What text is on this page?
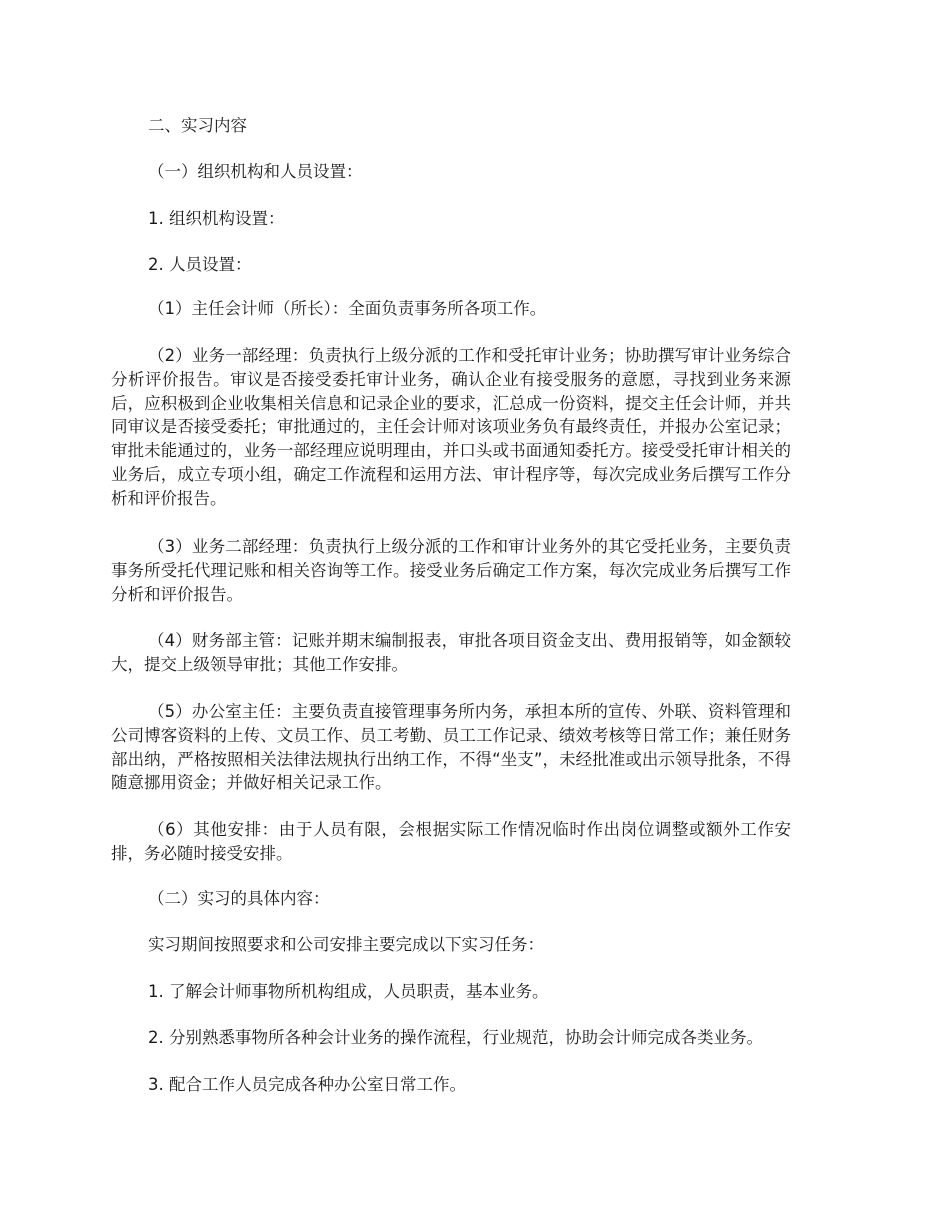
二、实习内容

（一）组织机构和人员设置：

1. 组织机构设置：

2. 人员设置：

（1）主任会计师（所长）：全面负责事务所各项工作。

（2）业务一部经理：负责执行上级分派的工作和受托审计业务；协助撰写审计业务综合分析评价报告。审议是否接受委托审计业务，确认企业有接受服务的意愿，寻找到业务来源后，应积极到企业收集相关信息和记录企业的要求，汇总成一份资料，提交主任会计师，并共同审议是否接受委托；审批通过的，主任会计师对该项业务负有最终责任，并报办公室记录；审批未能通过的，业务一部经理应说明理由，并口头或书面通知委托方。接受受托审计相关的业务后，成立专项小组，确定工作流程和运用方法、审计程序等，每次完成业务后撰写工作分析和评价报告。

（3）业务二部经理：负责执行上级分派的工作和审计业务外的其它受托业务，主要负责事务所受托代理记账和相关咨询等工作。接受业务后确定工作方案，每次完成业务后撰写工作分析和评价报告。

（4）财务部主管：记账并期末编制报表，审批各项目资金支出、费用报销等，如金额较大，提交上级领导审批；其他工作安排。

（5）办公室主任：主要负责直接管理事务所内务，承担本所的宣传、外联、资料管理和公司博客资料的上传、文员工作、员工考勤、员工工作记录、绩效考核等日常工作；兼任财务部出纳，严格按照相关法律法规执行出纳工作，不得“坐支”，未经批准或出示领导批条，不得随意挪用资金；并做好相关记录工作。

（6）其他安排：由于人员有限，会根据实际工作情况临时作出岗位调整或额外工作安排，务必随时接受安排。

（二）实习的具体内容：

实习期间按照要求和公司安排主要完成以下实习任务：

1. 了解会计师事物所机构组成，人员职责，基本业务。

2. 分别熟悉事物所各种会计业务的操作流程，行业规范，协助会计师完成各类业务。

3. 配合工作人员完成各种办公室日常工作。
